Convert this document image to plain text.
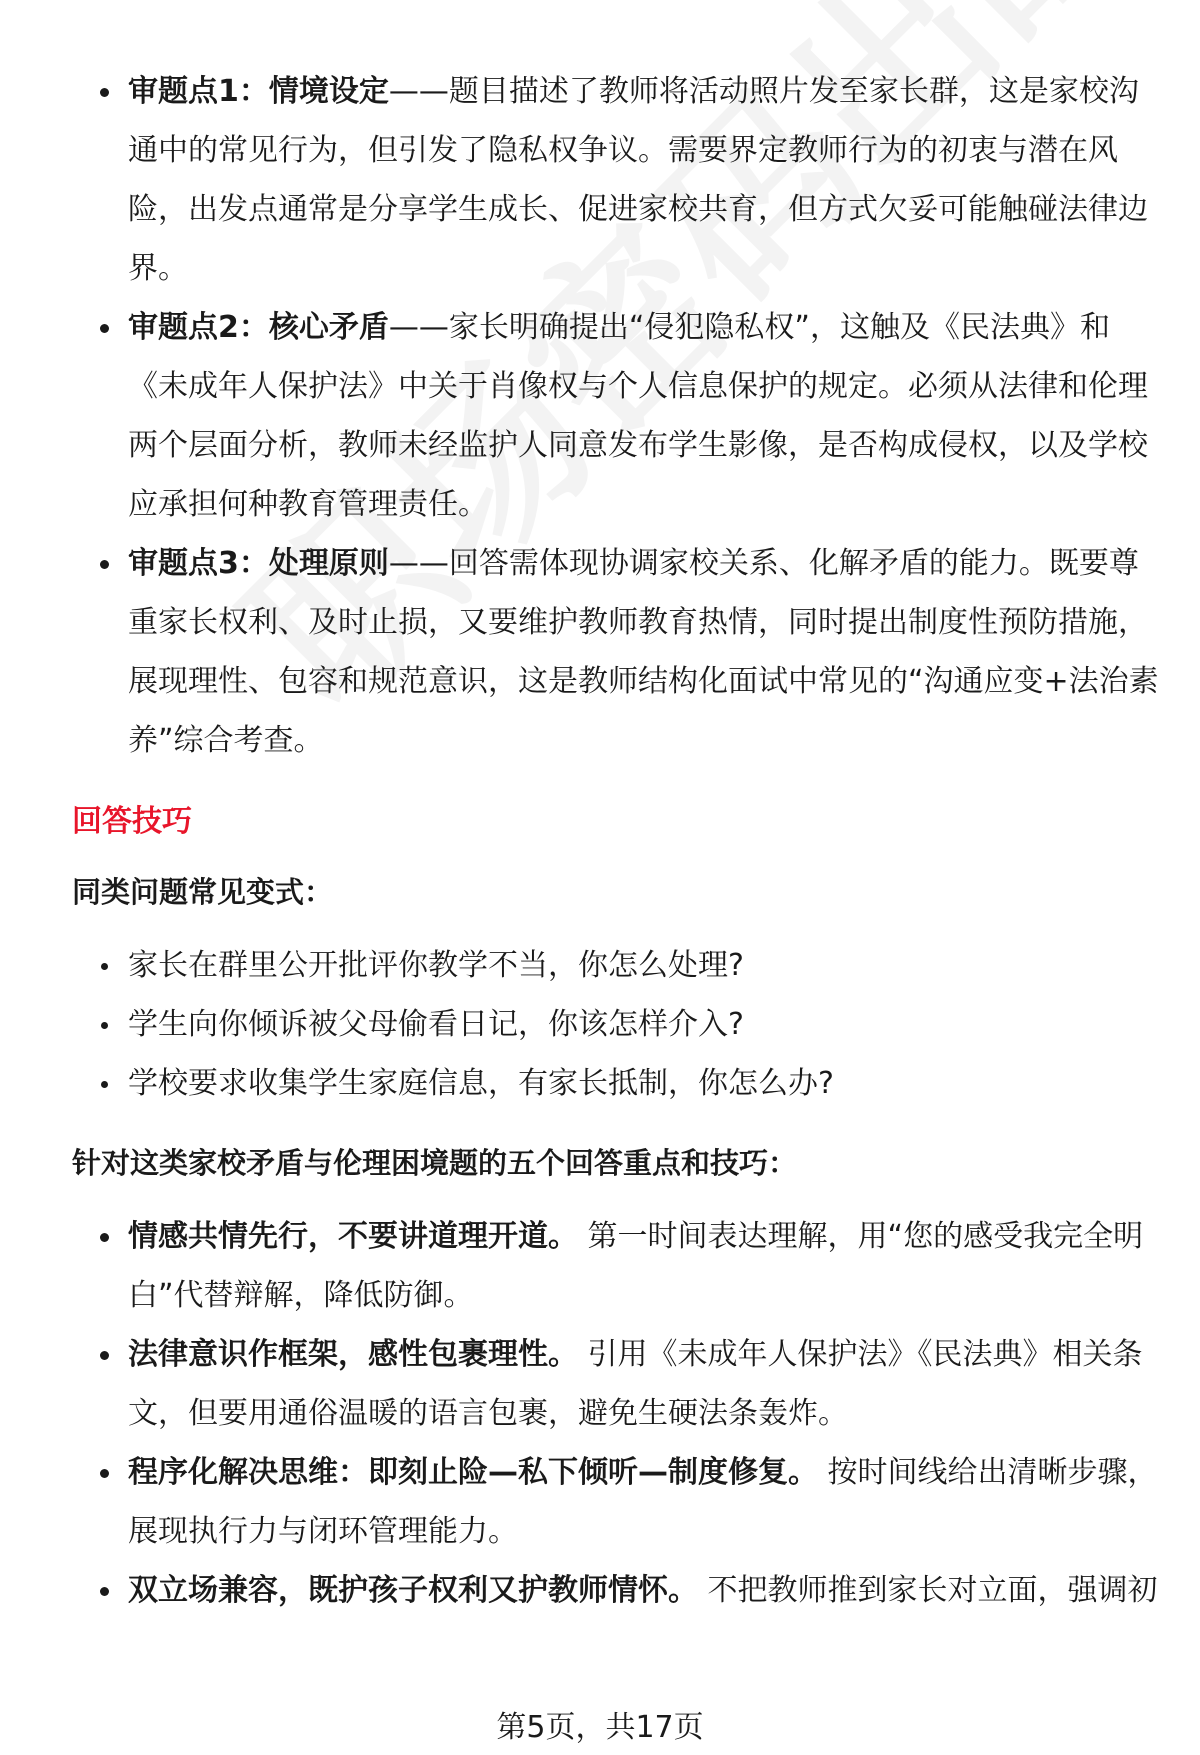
审题点1：情境设定——题目描述了教师将活动照片发至家长群，这是家校沟通中的常见行为，但引发了隐私权争议。需要界定教师行为的初衷与潜在风险，出发点通常是分享学生成长、促进家校共育，但方式欠妥可能触碰法律边界。
审题点2：核心矛盾——家长明确提出“侵犯隐私权”，这触及《民法典》和《未成年人保护法》中关于肖像权与个人信息保护的规定。必须从法律和伦理两个层面分析，教师未经监护人同意发布学生影像，是否构成侵权，以及学校应承担何种教育管理责任。
审题点3：处理原则——回答需体现协调家校关系、化解矛盾的能力。既要尊重家长权利、及时止损，又要维护教师教育热情，同时提出制度性预防措施，展现理性、包容和规范意识，这是教师结构化面试中常见的“沟通应变+法治素养”综合考查。
回答技巧
同类问题常见变式：
家长在群里公开批评你教学不当，你怎么处理?
学生向你倾诉被父母偷看日记，你该怎样介入?
学校要求收集学生家庭信息，有家长抵制，你怎么办?
针对这类家校矛盾与伦理困境题的五个回答重点和技巧：
情感共情先行，不要讲道理开道。 第一时间表达理解，用“您的感受我完全明白”代替辩解，降低防御。
法律意识作框架，感性包裹理性。 引用《未成年人保护法》《民法典》相关条文，但要用通俗温暖的语言包裹，避免生硬法条轰炸。
程序化解决思维：即刻止险—私下倾听—制度修复。 按时间线给出清晰步骤，展现执行力与闭环管理能力。
双立场兼容，既护孩子权利又护教师情怀。 不把教师推到家长对立面，强调初
第5页，共17页
